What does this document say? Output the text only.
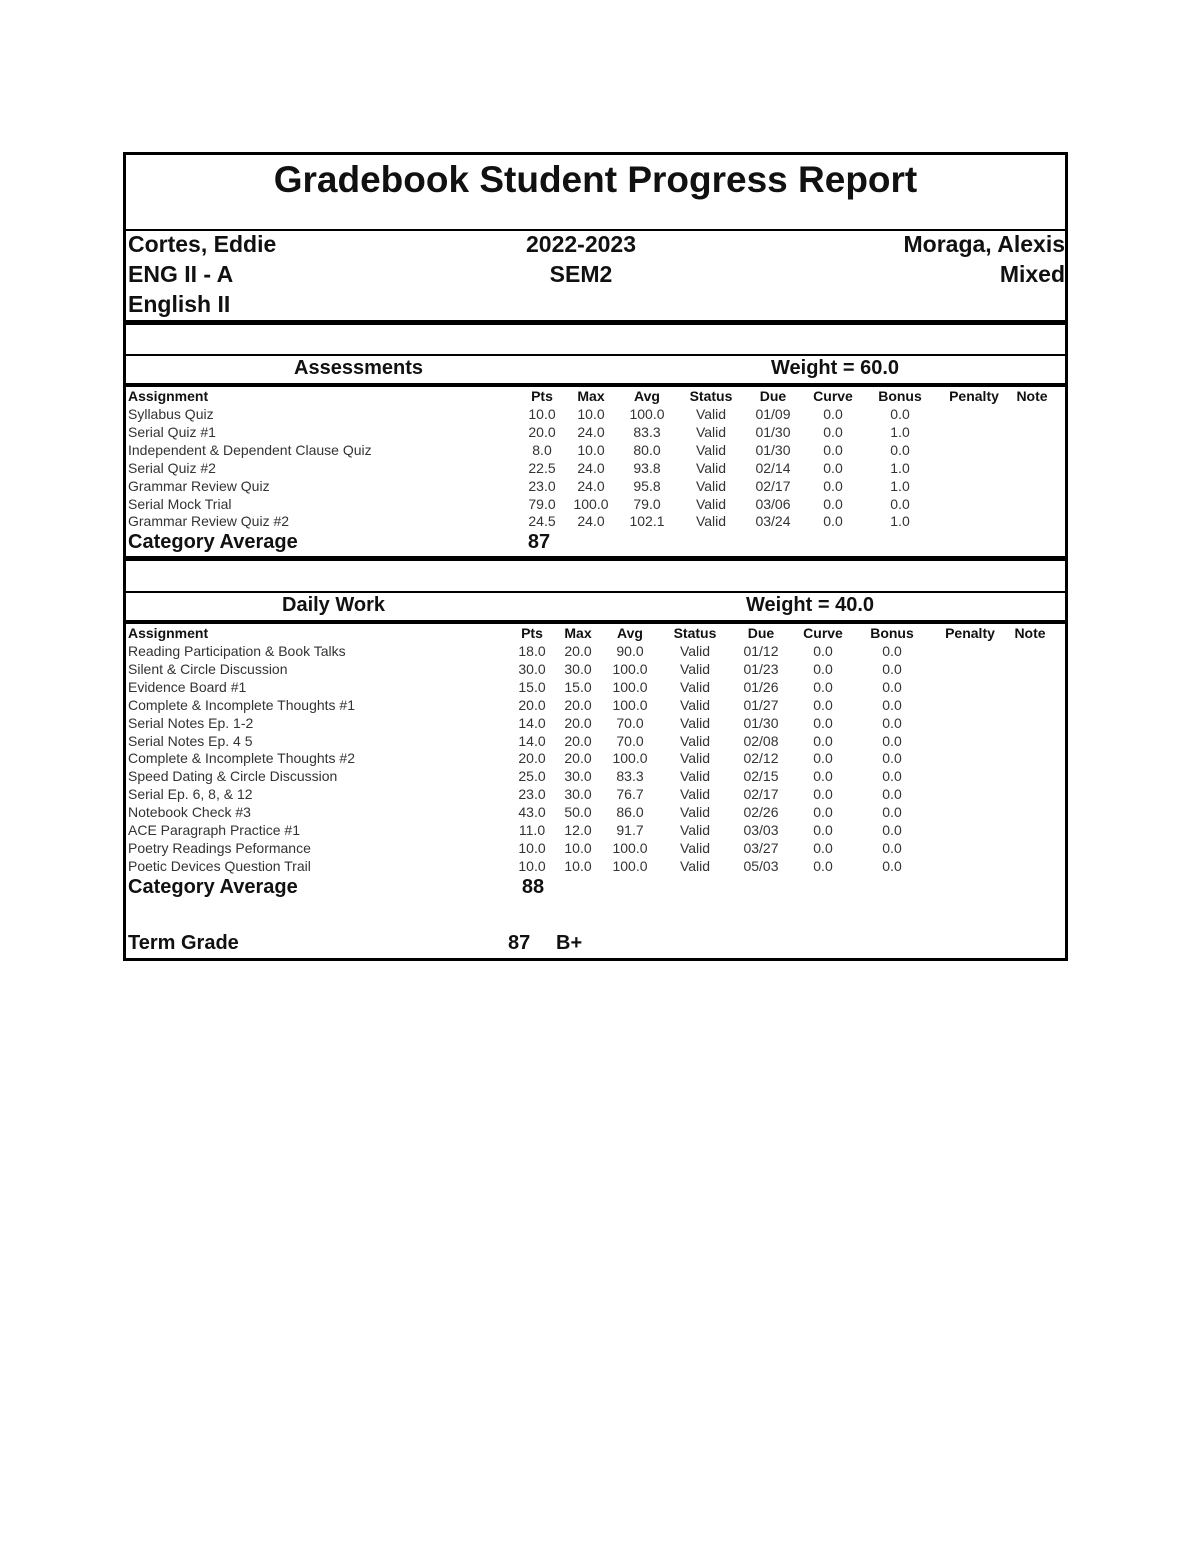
Gradebook Student Progress Report
Cortes, Eddie
ENG II - A
English II
2022-2023
SEM2
Moraga, Alexis
Mixed
Assessments	Weight = 60.0
Assignment	Pts	Max	Avg	Status	Due	Curve	Bonus	Penalty	Note
Syllabus Quiz	10.0	10.0	100.0	Valid	01/09	0.0	0.0
Serial Quiz #1	20.0	24.0	83.3	Valid	01/30	0.0	1.0
Independent & Dependent Clause Quiz	8.0	10.0	80.0	Valid	01/30	0.0	0.0
Serial Quiz #2	22.5	24.0	93.8	Valid	02/14	0.0	1.0
Grammar Review Quiz	23.0	24.0	95.8	Valid	02/17	0.0	1.0
Serial Mock Trial	79.0	100.0	79.0	Valid	03/06	0.0	0.0
Grammar Review Quiz #2	24.5	24.0	102.1	Valid	03/24	0.0	1.0
Category Average	87
Daily Work	Weight = 40.0
Assignment	Pts	Max	Avg	Status	Due	Curve	Bonus	Penalty	Note
Reading Participation & Book Talks	18.0	20.0	90.0	Valid	01/12	0.0	0.0
Silent & Circle Discussion	30.0	30.0	100.0	Valid	01/23	0.0	0.0
Evidence Board #1	15.0	15.0	100.0	Valid	01/26	0.0	0.0
Complete & Incomplete Thoughts #1	20.0	20.0	100.0	Valid	01/27	0.0	0.0
Serial Notes Ep. 1-2	14.0	20.0	70.0	Valid	01/30	0.0	0.0
Serial Notes Ep. 4 5	14.0	20.0	70.0	Valid	02/08	0.0	0.0
Complete & Incomplete Thoughts #2	20.0	20.0	100.0	Valid	02/12	0.0	0.0
Speed Dating & Circle Discussion	25.0	30.0	83.3	Valid	02/15	0.0	0.0
Serial Ep. 6, 8, & 12	23.0	30.0	76.7	Valid	02/17	0.0	0.0
Notebook Check #3	43.0	50.0	86.0	Valid	02/26	0.0	0.0
ACE Paragraph Practice #1	11.0	12.0	91.7	Valid	03/03	0.0	0.0
Poetry Readings Peformance	10.0	10.0	100.0	Valid	03/27	0.0	0.0
Poetic Devices Question Trail	10.0	10.0	100.0	Valid	05/03	0.0	0.0
Category Average	88
Term Grade	87 B+
